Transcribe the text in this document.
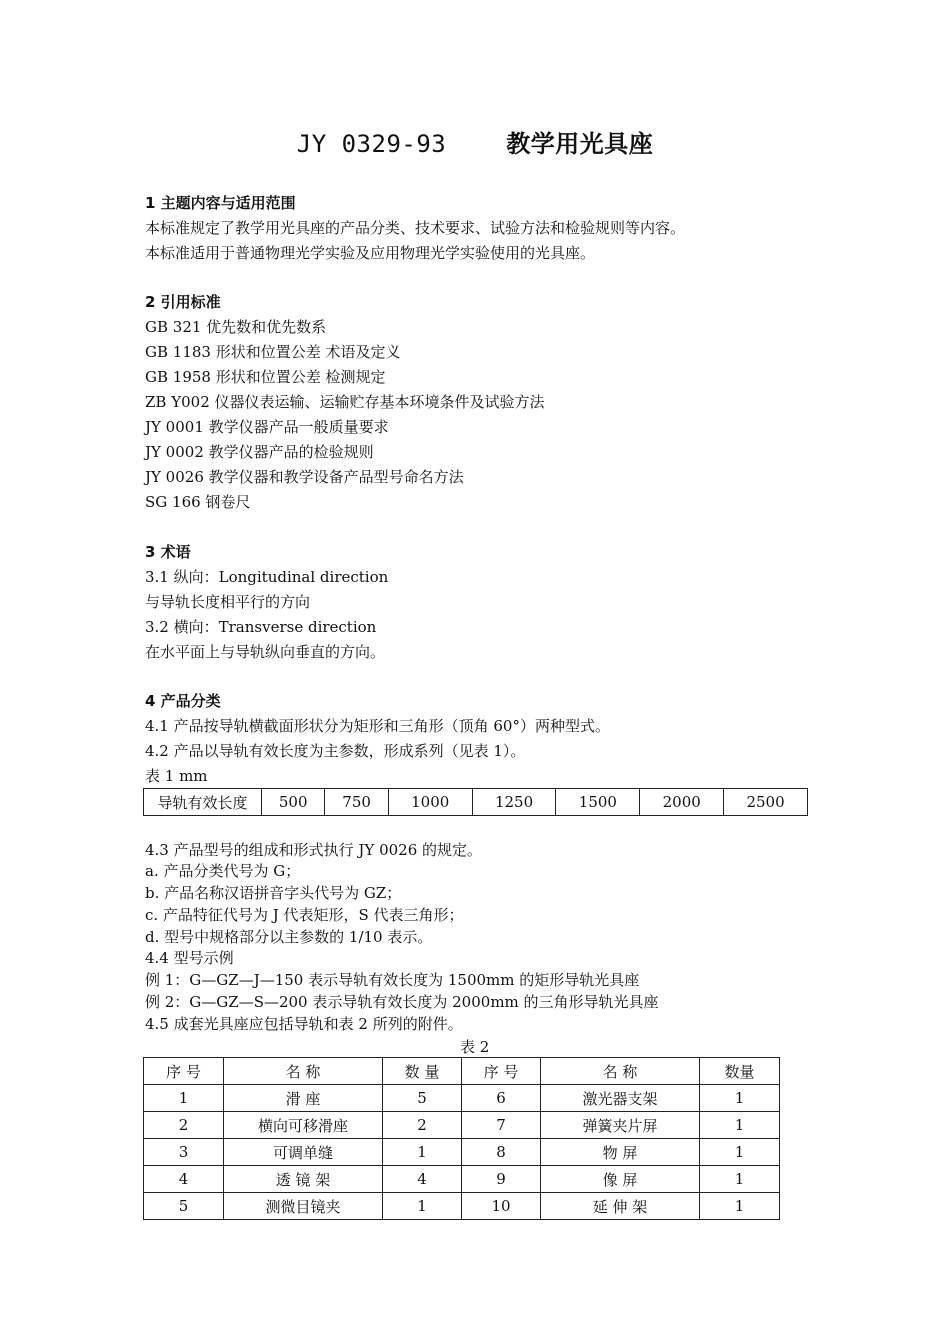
JY 0329-93	教学用光具座
1 主题内容与适用范围
本标准规定了教学用光具座的产品分类、技术要求、试验方法和检验规则等内容。
本标准适用于普通物理光学实验及应用物理光学实验使用的光具座。
2 引用标准
GB 321 优先数和优先数系
GB 1183 形状和位置公差 术语及定义
GB 1958 形状和位置公差 检测规定
ZB Y002 仪器仪表运输、运输贮存基本环境条件及试验方法
JY 0001 教学仪器产品一般质量要求
JY 0002 教学仪器产品的检验规则
JY 0026 教学仪器和教学设备产品型号命名方法
SG 166 钢卷尺
3 术语
3.1 纵向：Longitudinal direction
与导轨长度相平行的方向
3.2 横向：Transverse direction
在水平面上与导轨纵向垂直的方向。
4 产品分类
4.1 产品按导轨横截面形状分为矩形和三角形（顶角 60°）两种型式。
4.2 产品以导轨有效长度为主参数，形成系列（见表 1）。
表 1 mm
导轨有效长度	500	750	1000	1250	1500	2000	2500
4.3 产品型号的组成和形式执行 JY 0026 的规定。
a. 产品分类代号为 G；
b. 产品名称汉语拼音字头代号为 GZ；
c. 产品特征代号为 J 代表矩形，S 代表三角形；
d. 型号中规格部分以主参数的 1/10 表示。
4.4 型号示例
例 1：G—GZ—J—150 表示导轨有效长度为 1500mm 的矩形导轨光具座
例 2：G—GZ—S—200 表示导轨有效长度为 2000mm 的三角形导轨光具座
4.5 成套光具座应包括导轨和表 2 所列的附件。
表 2
序 号	名 称	数 量	序 号	名 称	数量
1	滑 座	5	6	激光器支架	1
2	横向可移滑座	2	7	弹簧夹片屏	1
3	可调单缝	1	8	物 屏	1
4	透 镜 架	4	9	像 屏	1
5	测微目镜夹	1	10	延 伸 架	1
